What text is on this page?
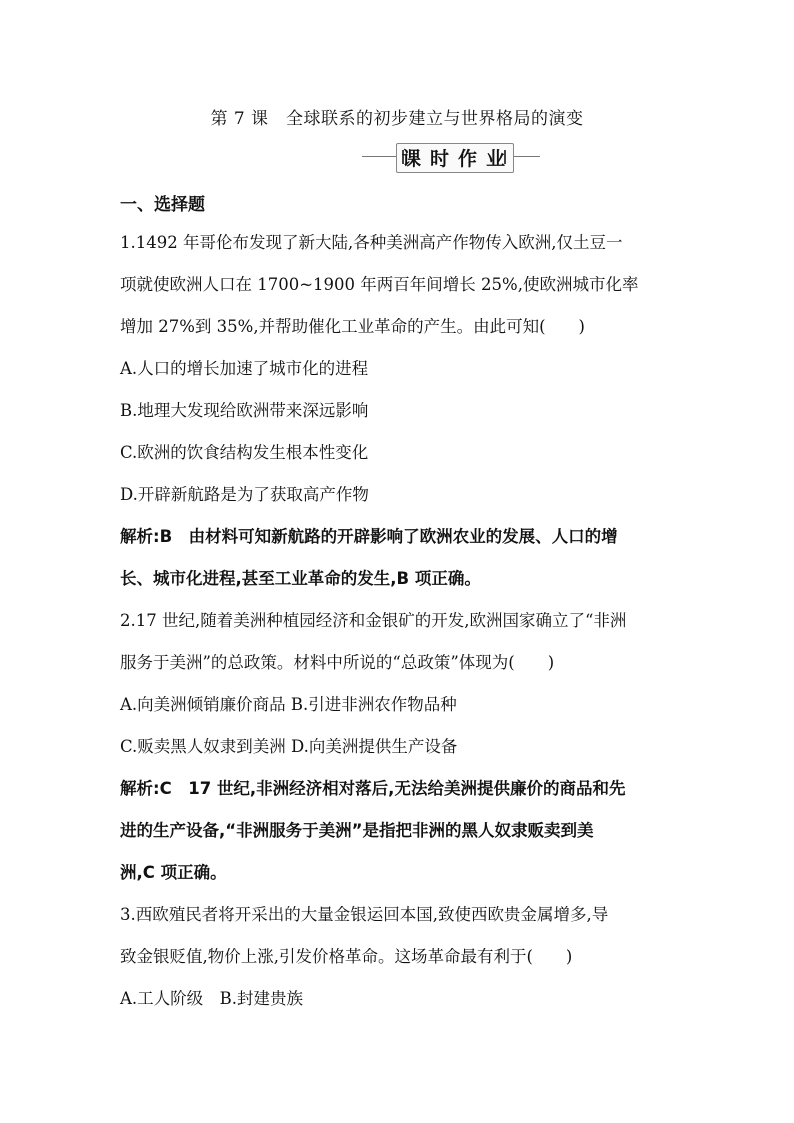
第 7 课　全球联系的初步建立与世界格局的演变
课时作业
一、选择题
1.1492 年哥伦布发现了新大陆,各种美洲高产作物传入欧洲,仅土豆一
项就使欧洲人口在 1700~1900 年两百年间增长 25%,使欧洲城市化率
增加 27%到 35%,并帮助催化工业革命的产生。由此可知(　　)
A.人口的增长加速了城市化的进程
B.地理大发现给欧洲带来深远影响
C.欧洲的饮食结构发生根本性变化
D.开辟新航路是为了获取高产作物
解析:B　由材料可知新航路的开辟影响了欧洲农业的发展、人口的增
长、城市化进程,甚至工业革命的发生,B 项正确。
2.17 世纪,随着美洲种植园经济和金银矿的开发,欧洲国家确立了“非洲
服务于美洲”的总政策。材料中所说的“总政策”体现为(　　)
A.向美洲倾销廉价商品 B.引进非洲农作物品种
C.贩卖黑人奴隶到美洲 D.向美洲提供生产设备
解析:C　17 世纪,非洲经济相对落后,无法给美洲提供廉价的商品和先
进的生产设备,“非洲服务于美洲”是指把非洲的黑人奴隶贩卖到美
洲,C 项正确。
3.西欧殖民者将开采出的大量金银运回本国,致使西欧贵金属增多,导
致金银贬值,物价上涨,引发价格革命。这场革命最有利于(　　)
A.工人阶级　B.封建贵族
